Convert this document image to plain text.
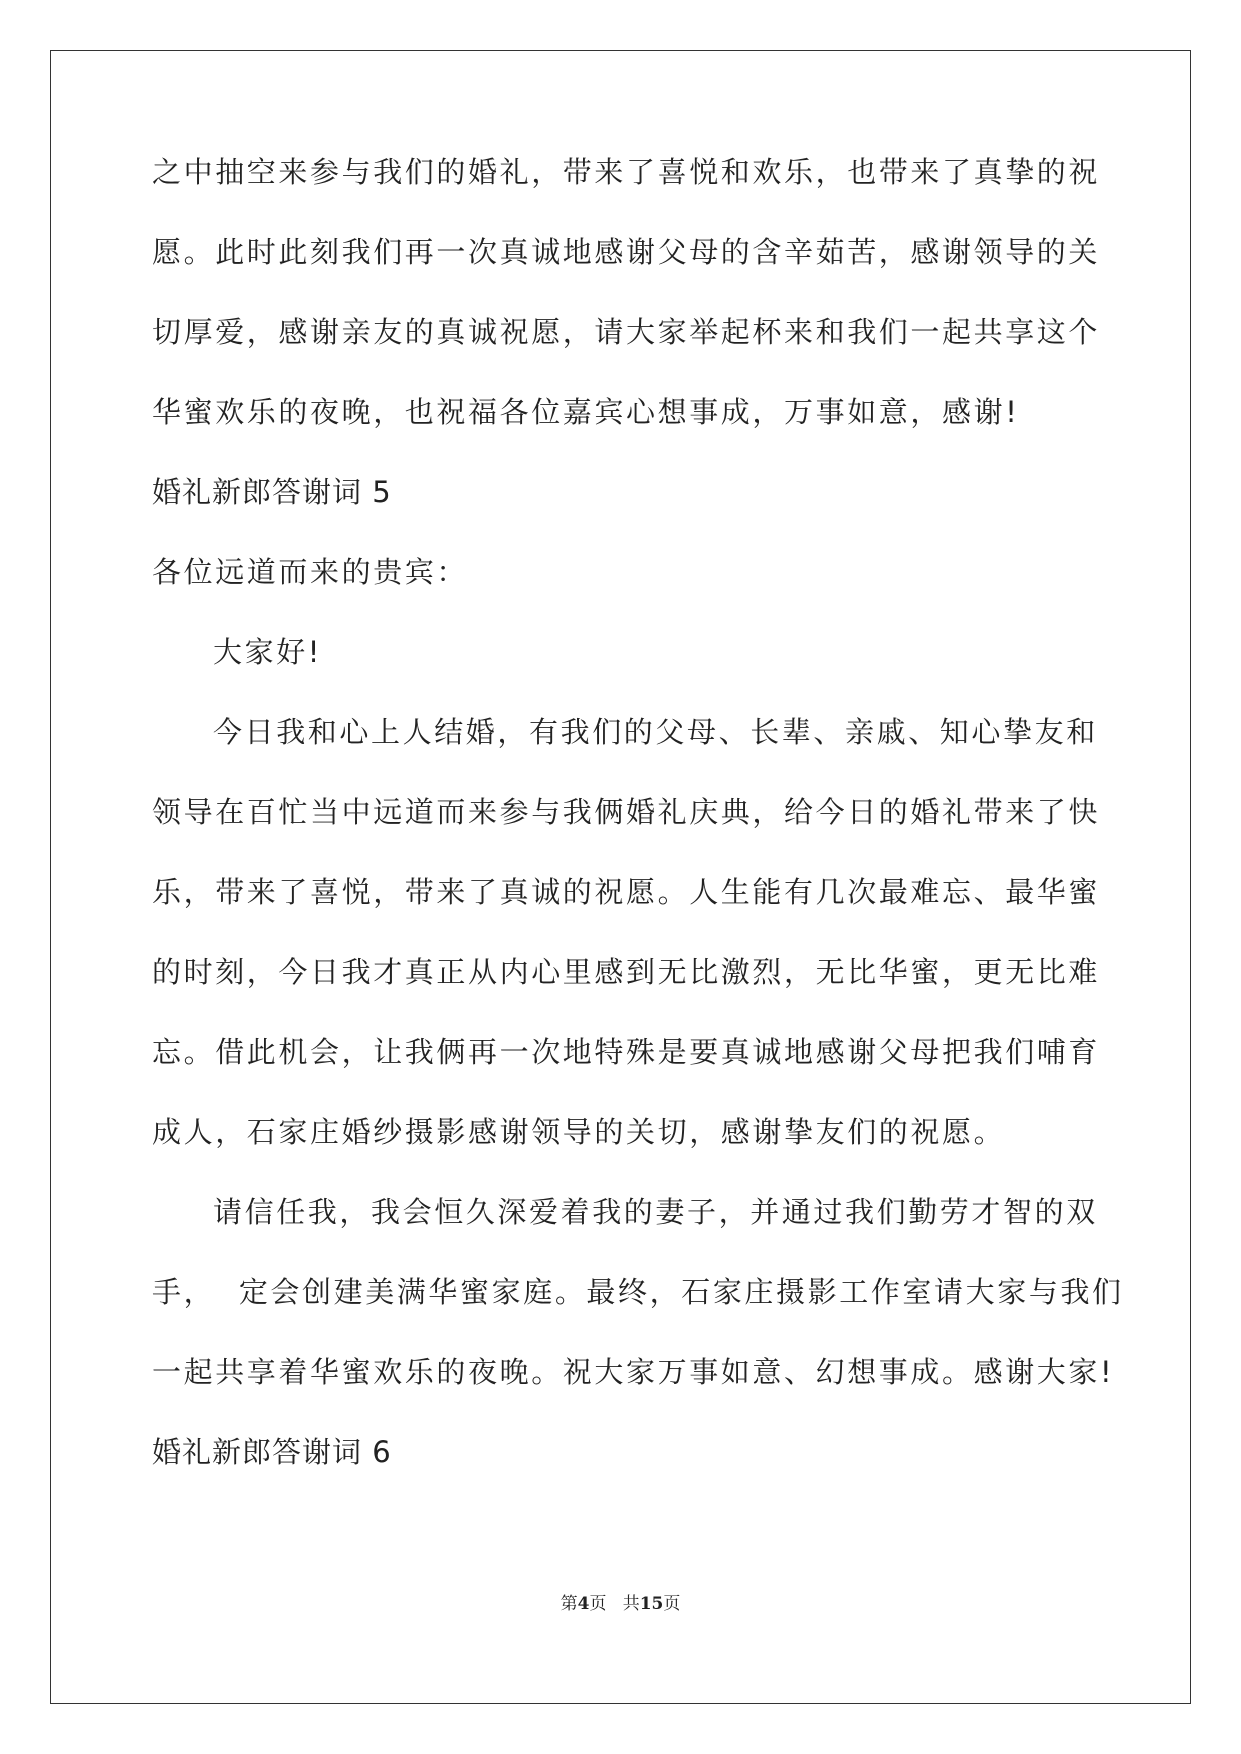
之中抽空来参与我们的婚礼，带来了喜悦和欢乐，也带来了真挚的祝
愿。此时此刻我们再一次真诚地感谢父母的含辛茹苦，感谢领导的关
切厚爱，感谢亲友的真诚祝愿，请大家举起杯来和我们一起共享这个
华蜜欢乐的夜晚，也祝福各位嘉宾心想事成，万事如意，感谢!
婚礼新郎答谢词 5
各位远道而来的贵宾：
大家好!
今日我和心上人结婚，有我们的父母、长辈、亲戚、知心挚友和
领导在百忙当中远道而来参与我俩婚礼庆典，给今日的婚礼带来了快
乐，带来了喜悦，带来了真诚的祝愿。人生能有几次最难忘、最华蜜
的时刻，今日我才真正从内心里感到无比激烈，无比华蜜，更无比难
忘。借此机会，让我俩再一次地特殊是要真诚地感谢父母把我们哺育
成人，石家庄婚纱摄影感谢领导的关切，感谢挚友们的祝愿。
请信任我，我会恒久深爱着我的妻子，并通过我们勤劳才智的双
手，  定会创建美满华蜜家庭。最终，石家庄摄影工作室请大家与我们
一起共享着华蜜欢乐的夜晚。祝大家万事如意、幻想事成。感谢大家!
婚礼新郎答谢词 6
第4页 共15页
